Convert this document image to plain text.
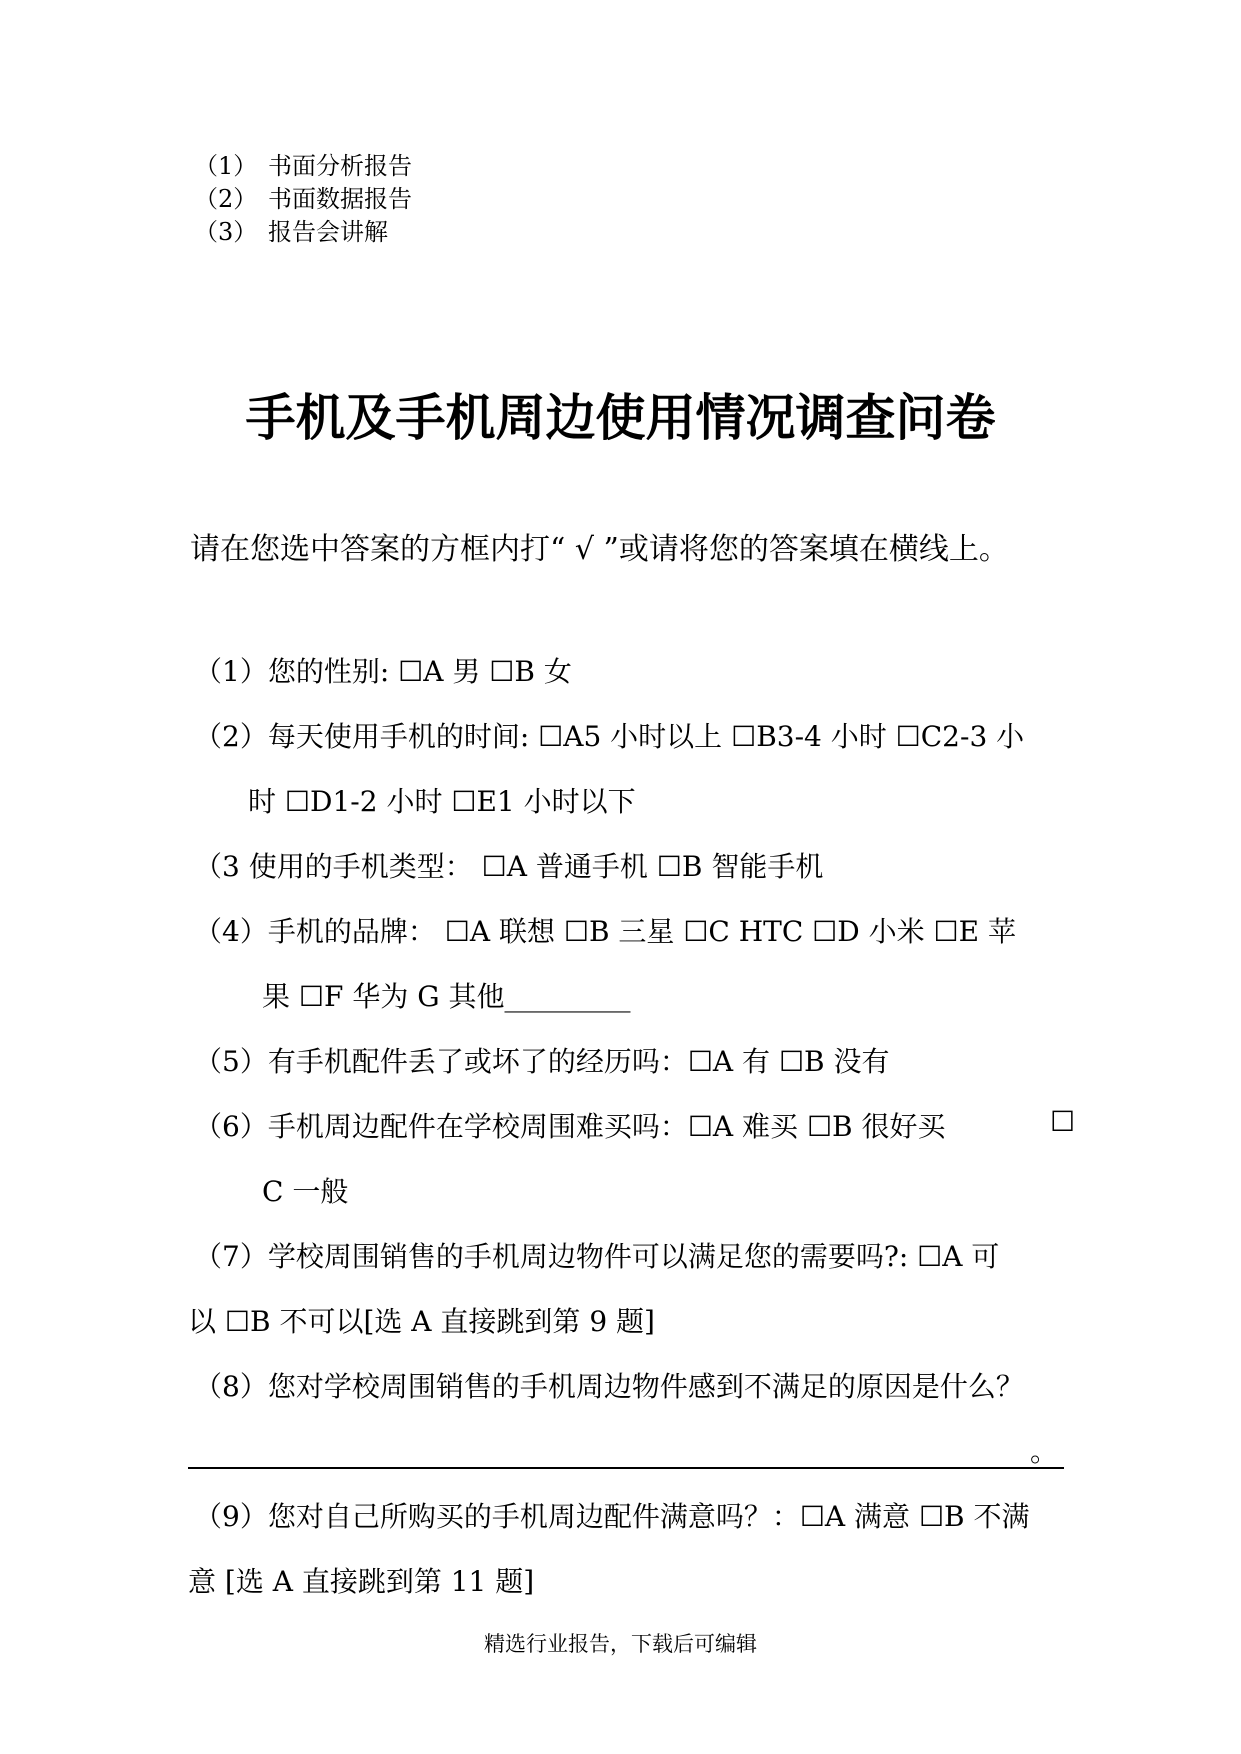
（1） 书面分析报告
（2） 书面数据报告
（3） 报告会讲解
手机及手机周边使用情况调查问卷
请在您选中答案的方框内打“ √ ”或请将您的答案填在横线上。
（1）您的性别: ☐A 男 ☐B 女
（2）每天使用手机的时间: ☐A5 小时以上 ☐B3-4 小时 ☐C2-3 小
时 ☐D1-2 小时 ☐E1 小时以下
（3 使用的手机类型： ☐A 普通手机 ☐B 智能手机
（4）手机的品牌： ☐A 联想 ☐B 三星 ☐C HTC ☐D 小米 ☐E 苹
果 ☐F 华为 G 其他_________
（5）有手机配件丢了或坏了的经历吗：☐A 有 ☐B 没有
（6）手机周边配件在学校周围难买吗：☐A 难买 ☐B 很好买	☐
C 一般
（7）学校周围销售的手机周边物件可以满足您的需要吗?: ☐A 可
以 ☐B 不可以[选 A 直接跳到第 9 题]
（8）您对学校周围销售的手机周边物件感到不满足的原因是什么？
。
（9）您对自己所购买的手机周边配件满意吗？：☐A 满意 ☐B 不满
意 [选 A 直接跳到第 11 题]
精选行业报告，下载后可编辑
